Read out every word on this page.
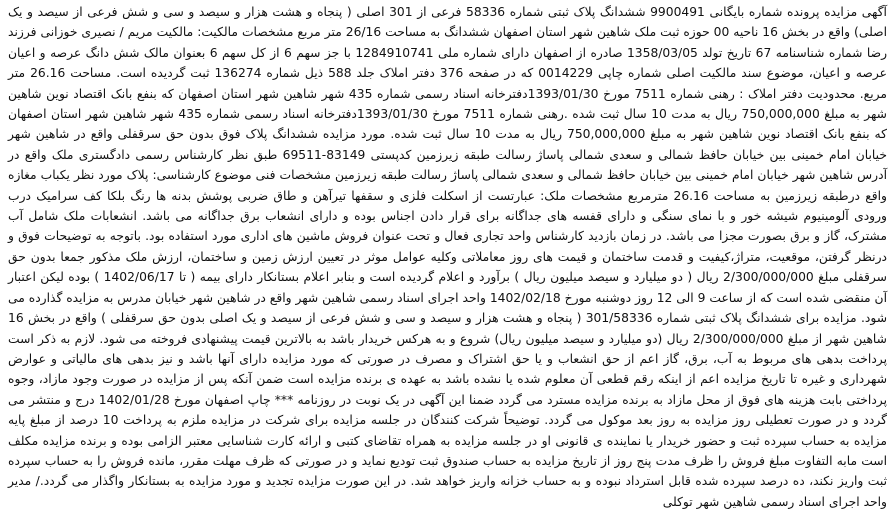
آگهی مزایده پرونده شماره بایگانی 9900491 ششدانگ پلاک ثبتی شماره 58336 فرعی از 301 اصلی ( پنجاه و هشت هزار و سیصد و سی و شش فرعی از سیصد و یک اصلی) واقع در بخش 16 ناحیه 00 حوزه ثبت ملک شاهین شهر استان اصفهان ششدانگ به مساحت 26/16 متر مربع مشخصات مالکیت: مالکیت مریم / نصیری خوزانی فرزند رضا شماره شناسنامه 67 تاریخ تولد 1358/03/05 صادره از اصفهان دارای شماره ملی 1284910741 با جز سهم 6 از کل سهم 6 بعنوان مالک شش دانگ عرصه و اعیان عرصه و اعیان، موضوع سند مالکیت اصلی شماره چاپی 0014229 که در صفحه 376 دفتر املاک جلد 588 ذیل شماره 136274 ثبت گردیده است. مساحت 26.16 متر مربع. محدودیت دفتر املاک : رهنی شماره 7511 مورخ 1393/01/30دفترخانه اسناد رسمی شماره 435 شهر شاهین شهر استان اصفهان که بنفع بانک اقتصاد نوین شاهین شهر به مبلغ 750,000,000 ریال به مدت 10 سال ثبت شده .رهنی شماره 7511 مورخ 1393/01/30دفترخانه اسناد رسمی شماره 435 شهر شاهین شهر استان اصفهان که بنفع بانک اقتصاد نوین شاهین شهر به مبلغ 750,000,000 ریال به مدت 10 سال ثبت شده. مورد مزایده ششدانگ پلاک فوق بدون حق سرقفلی واقع در شاهین شهر خیابان امام خمینی بین خیابان حافظ شمالی و سعدی شمالی پاساژ رسالت طبقه زیرزمین کدپستی 83149-69511 طبق نظر کارشناس رسمی دادگستری ملک واقع در آدرس شاهین شهر خیابان امام خمینی بین خیابان حافظ شمالی و سعدی شمالی پاساژ رسالت طبقه زیرزمین مشخصات فنی موضوع کارشناسی: پلاک مورد نظر یکباب مغازه واقع درطبقه زیرزمین به مساحت 26.16 مترمربع مشخصات ملک: عبارتست از اسکلت فلزی و سقفها تیرآهن و طاق ضربی پوشش بدنه ها رنگ بلکا کف سرامیک درب ورودی آلومینیوم شیشه خور و با نمای سنگی و دارای قفسه های جداگانه برای قرار دادن اجناس بوده و دارای انشعاب برق جداگانه می باشد. انشعابات ملک شامل آب مشترک، گاز و برق بصورت مجزا می باشد. در زمان بازدید کارشناس واحد تجاری فعال و تحت عنوان فروش ماشین های اداری مورد استفاده بود. باتوجه به توضیحات فوق و درنظر گرفتن، موقعیت، متراژ،کیفیت و قدمت ساختمان و قیمت های روز معاملاتی وکلیه عوامل موثر در تعیین ارزش زمین و ساختمان، ارزش ملک مذکور جمعا بدون حق سرقفلی مبلغ 2/300/000/000 ریال ( دو میلیارد و سیصد میلیون ریال ) برآورد و اعلام گردیده است و بنابر اعلام بستانکار دارای بیمه ( تا 1402/06/17 ) بوده لیکن اعتبار آن منقضی شده است که از ساعت 9 الی 12 روز دوشنبه مورخ 1402/02/18 واحد اجرای اسناد رسمی شاهین شهر واقع در شاهین شهر خیابان مدرس به مزایده گذارده می شود. مزایده برای ششدانگ پلاک ثبتی شماره 301/58336 ( پنجاه و هشت هزار و سیصد و سی و شش فرعی از سیصد و یک اصلی بدون حق سرقفلی ) واقع در بخش 16 شاهین شهر از مبلغ 2/300/000/000 ریال (دو میلیارد و سیصد میلیون ریال) شروع و به هرکس خریدار باشد به بالاترین قیمت پیشنهادی فروخته می شود. لازم به ذکر است پرداخت بدهی های مربوط به آب، برق، گاز اعم از حق انشعاب و یا حق اشتراک و مصرف در صورتی که مورد مزایده دارای آنها باشد و نیز بدهی های مالیاتی و عوارض شهرداری و غیره تا تاریخ مزایده اعم از اینکه رقم قطعی آن معلوم شده یا نشده باشد به عهده ی برنده مزایده است ضمن آنکه پس از مزایده در صورت وجود مازاد، وجوه پرداختی بابت هزینه های فوق از محل مازاد به برنده مزایده مسترد می گردد ضمنا این آگهی در یک نوبت در روزنامه *** چاپ اصفهان مورخ 1402/01/28 درج و منتشر می گردد و در صورت تعطیلی روز مزایده به روز بعد موکول می گردد. توضیحاً شرکت کنندگان در جلسه مزایده برای شرکت در مزایده ملزم به پرداخت 10 درصد از مبلغ پایه مزایده به حساب سپرده ثبت و حضور خریدار یا نماینده ی قانونی او در جلسه مزایده به همراه تقاضای کتبی و ارائه کارت شناسایی معتبر الزامی بوده و برنده مزایده مکلف است مابه التفاوت مبلغ فروش را ظرف مدت پنج روز از تاریخ مزایده به حساب صندوق ثبت تودیع نماید و در صورتی که ظرف مهلت مقرر، مانده فروش را به حساب سپرده ثبت واریز نکند، ده درصد سپرده شده قابل استرداد نبوده و به حساب خزانه واریز خواهد شد. در این صورت مزایده تجدید و مورد مزایده به بستانکار واگذار می گردد./ مدیر واحد اجرای اسناد رسمی شاهین شهر توکلی
